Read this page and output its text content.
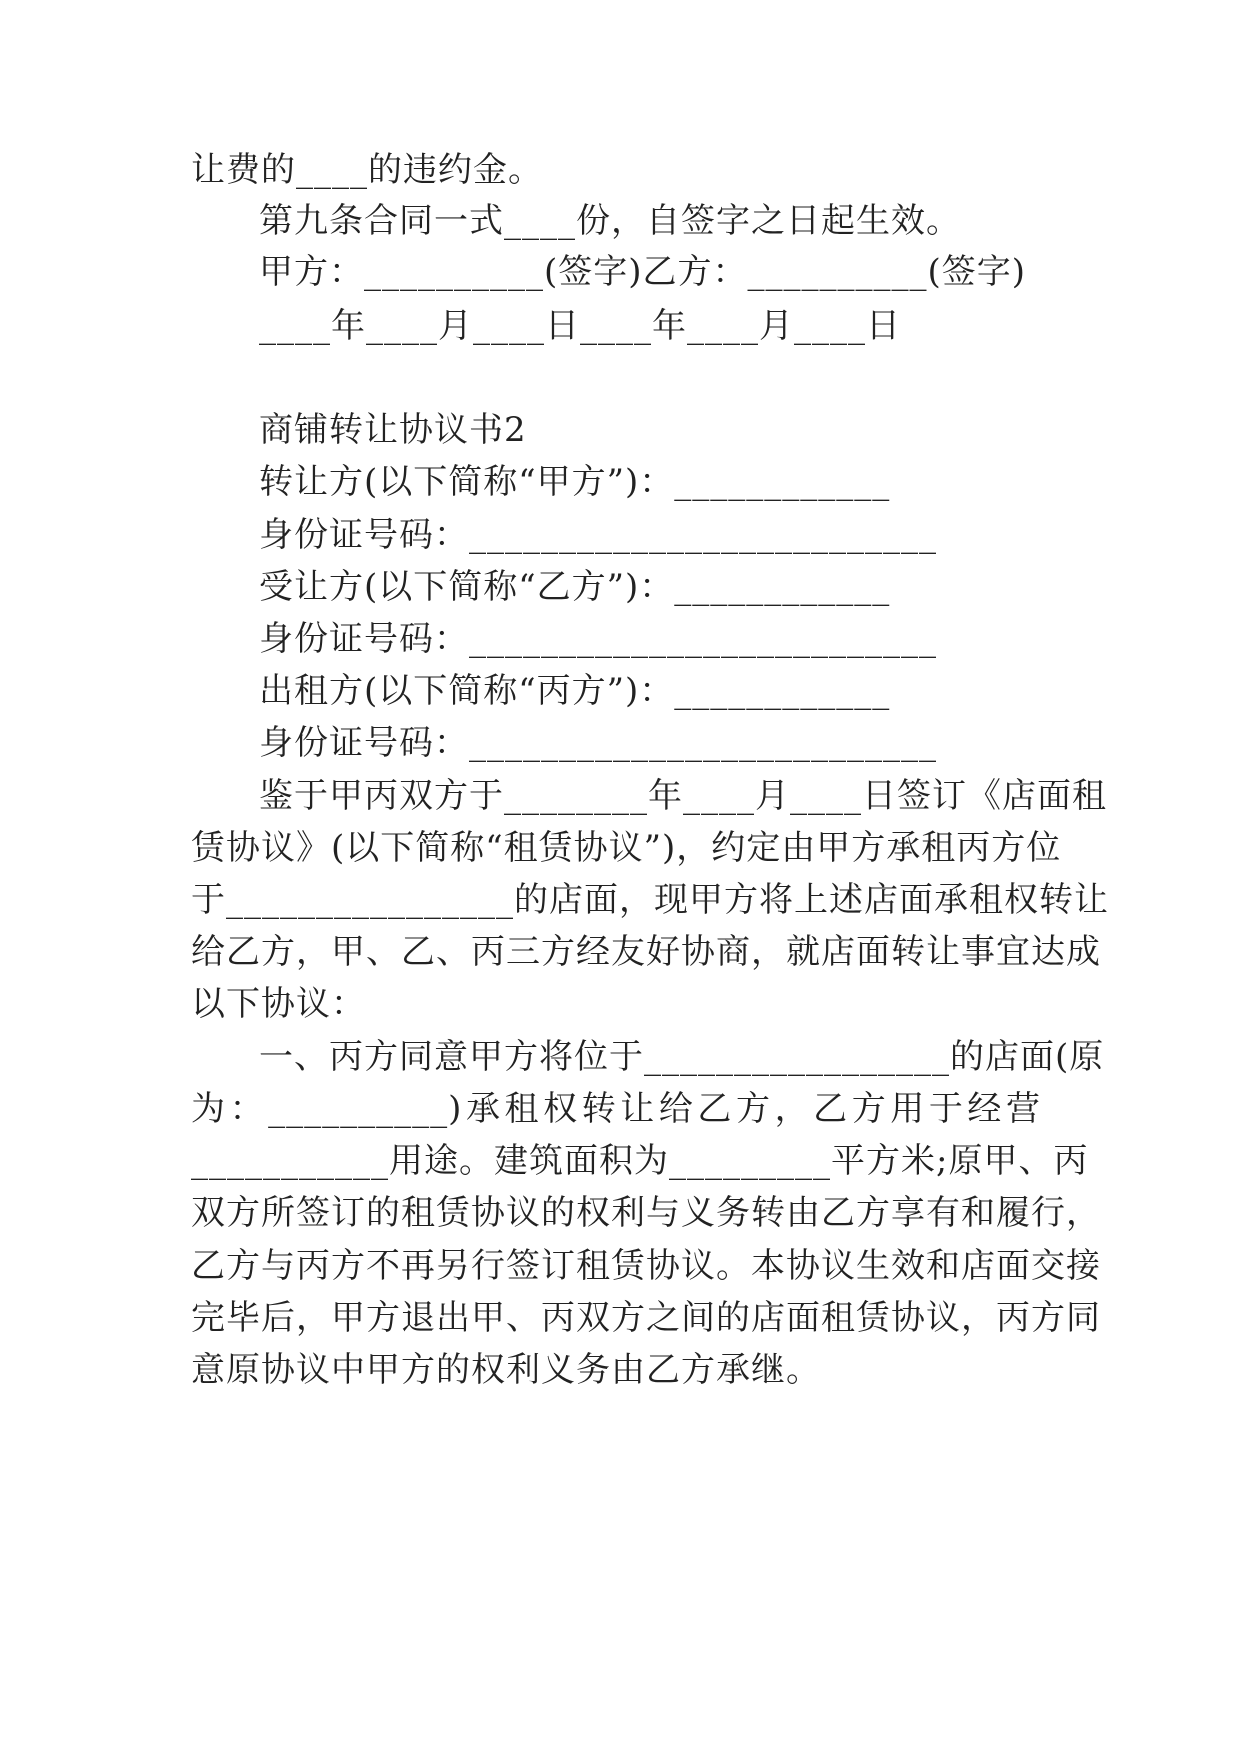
让费的____的违约金。
第九条合同一式____份，自签字之日起生效。
甲方：__________(签字)乙方：__________(签字)
____年____月____日____年____月____日
商铺转让协议书2
转让方(以下简称“甲方”)：____________
身份证号码：__________________________
受让方(以下简称“乙方”)：____________
身份证号码：__________________________
出租方(以下简称“丙方”)：____________
身份证号码：__________________________
鉴于甲丙双方于________年____月____日签订《店面租
赁协议》(以下简称“租赁协议”)，约定由甲方承租丙方位
于________________的店面，现甲方将上述店面承租权转让
给乙方，甲、乙、丙三方经友好协商，就店面转让事宜达成
以下协议：
一、丙方同意甲方将位于_________________的店面(原
为：__________)承租权转让给乙方，乙方用于经营
___________用途。建筑面积为_________平方米;原甲、丙
双方所签订的租赁协议的权利与义务转由乙方享有和履行，
乙方与丙方不再另行签订租赁协议。本协议生效和店面交接
完毕后，甲方退出甲、丙双方之间的店面租赁协议，丙方同
意原协议中甲方的权利义务由乙方承继。
